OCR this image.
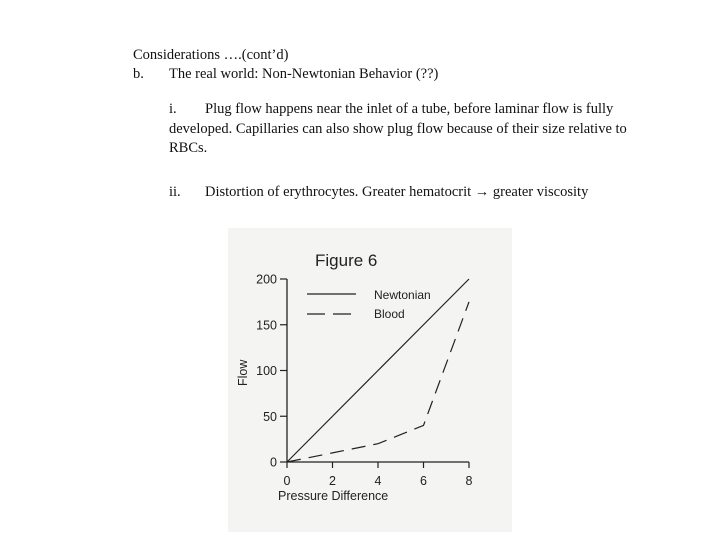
Considerations ….(cont’d)
b. The real world: Non-Newtonian Behavior (??)
i. Plug flow happens near the inlet of a tube, before laminar flow is fully developed. Capillaries can also show plug flow because of their size relative to RBCs.
ii. Distortion of erythrocytes. Greater hematocrit → greater viscosity
Figure 6
0
50
100
150
200
0	2	4	6	8
Pressure Difference
Flow
Newtonian
Blood
